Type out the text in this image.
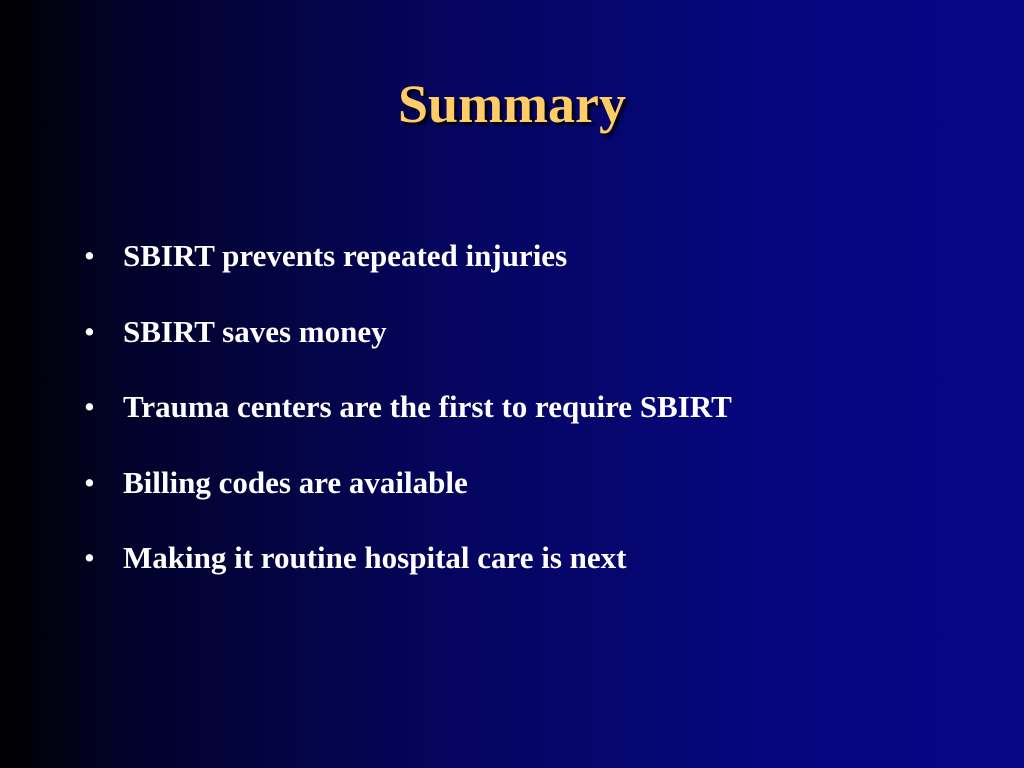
Summary
• SBIRT prevents repeated injuries
• SBIRT saves money
• Trauma centers are the first to require SBIRT
• Billing codes are available
• Making it routine hospital care is next
